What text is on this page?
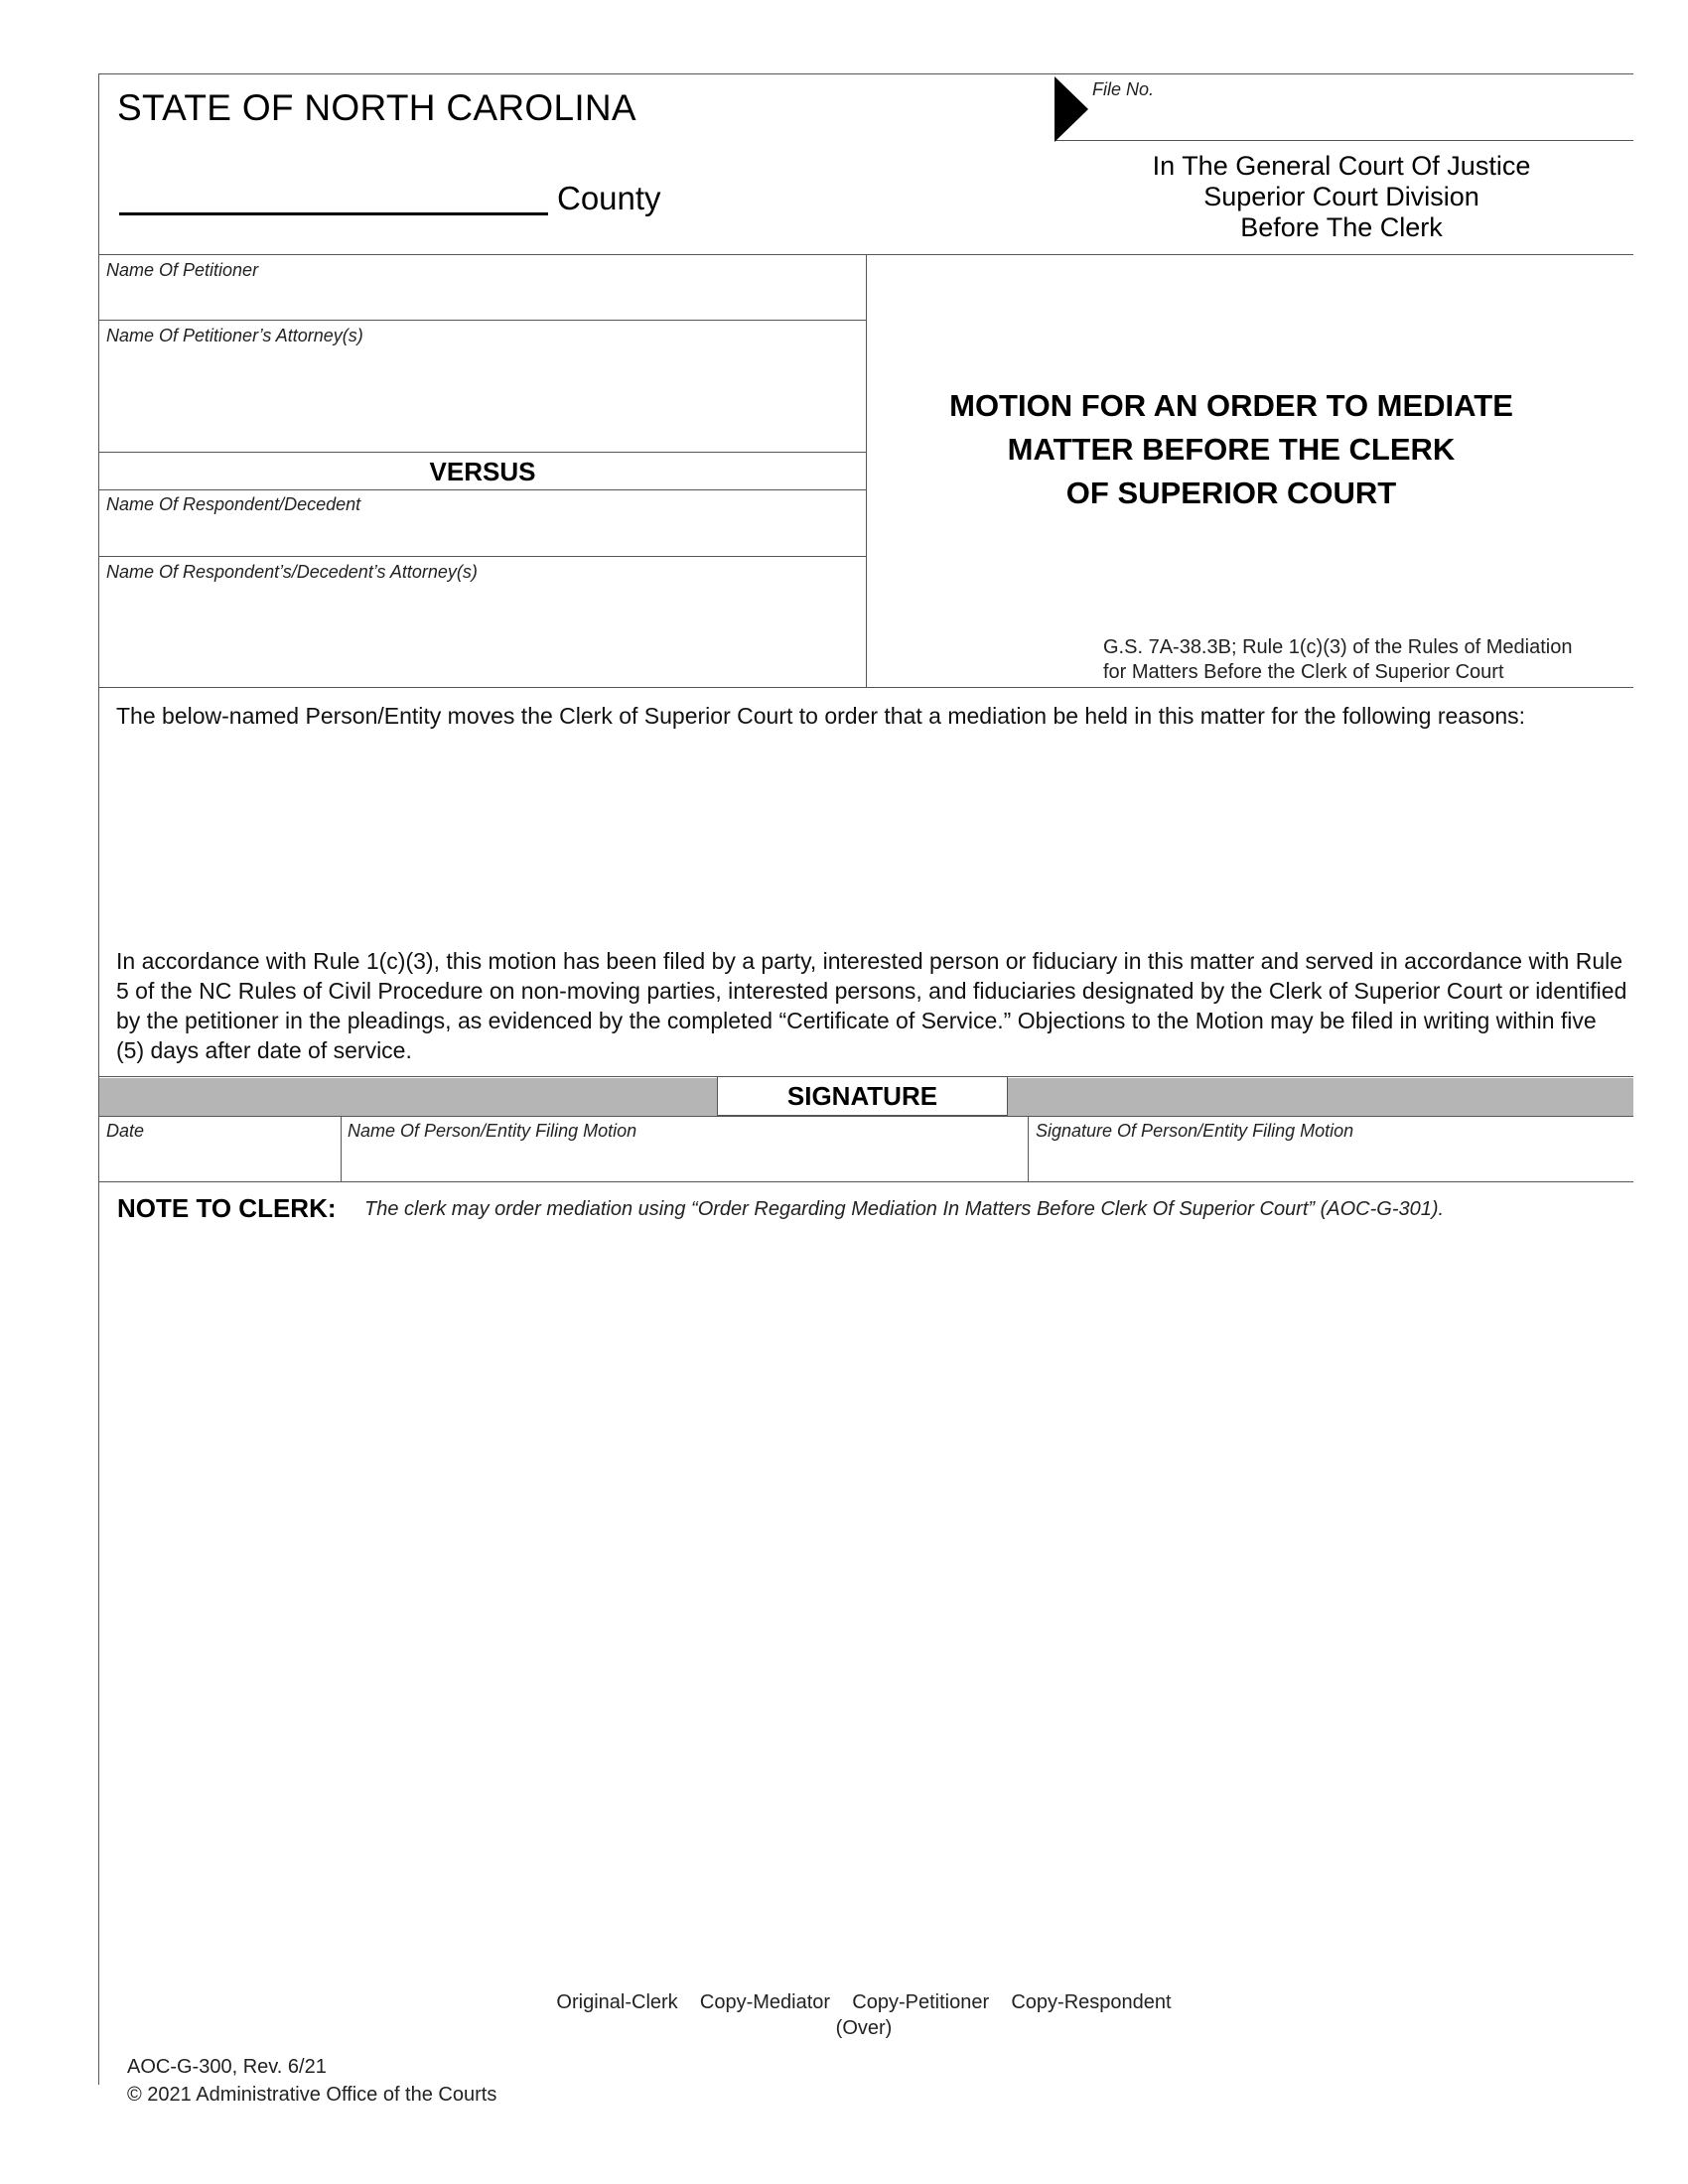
STATE OF NORTH CAROLINA
County
File No.
In The General Court Of Justice
Superior Court Division
Before The Clerk
Name Of Petitioner
Name Of Petitioner’s Attorney(s)
VERSUS
Name Of Respondent/Decedent
Name Of Respondent’s/Decedent’s Attorney(s)
MOTION FOR AN ORDER TO MEDIATE
MATTER BEFORE THE CLERK
OF SUPERIOR COURT
G.S. 7A-38.3B; Rule 1(c)(3) of the Rules of Mediation
for Matters Before the Clerk of Superior Court
The below-named Person/Entity moves the Clerk of Superior Court to order that a mediation be held in this matter for the following reasons:
In accordance with Rule 1(c)(3), this motion has been filed by a party, interested person or fiduciary in this matter and served in accordance with Rule 5 of the NC Rules of Civil Procedure on non-moving parties, interested persons, and fiduciaries designated by the Clerk of Superior Court or identified by the petitioner in the pleadings, as evidenced by the completed “Certificate of Service.” Objections to the Motion may be filed in writing within five (5) days after date of service.
SIGNATURE
Date	Name Of Person/Entity Filing Motion	Signature Of Person/Entity Filing Motion
NOTE TO CLERK: The clerk may order mediation using “Order Regarding Mediation In Matters Before Clerk Of Superior Court” (AOC-G-301).
Original-Clerk    Copy-Mediator    Copy-Petitioner    Copy-Respondent
(Over)
AOC-G-300, Rev. 6/21
© 2021 Administrative Office of the Courts
